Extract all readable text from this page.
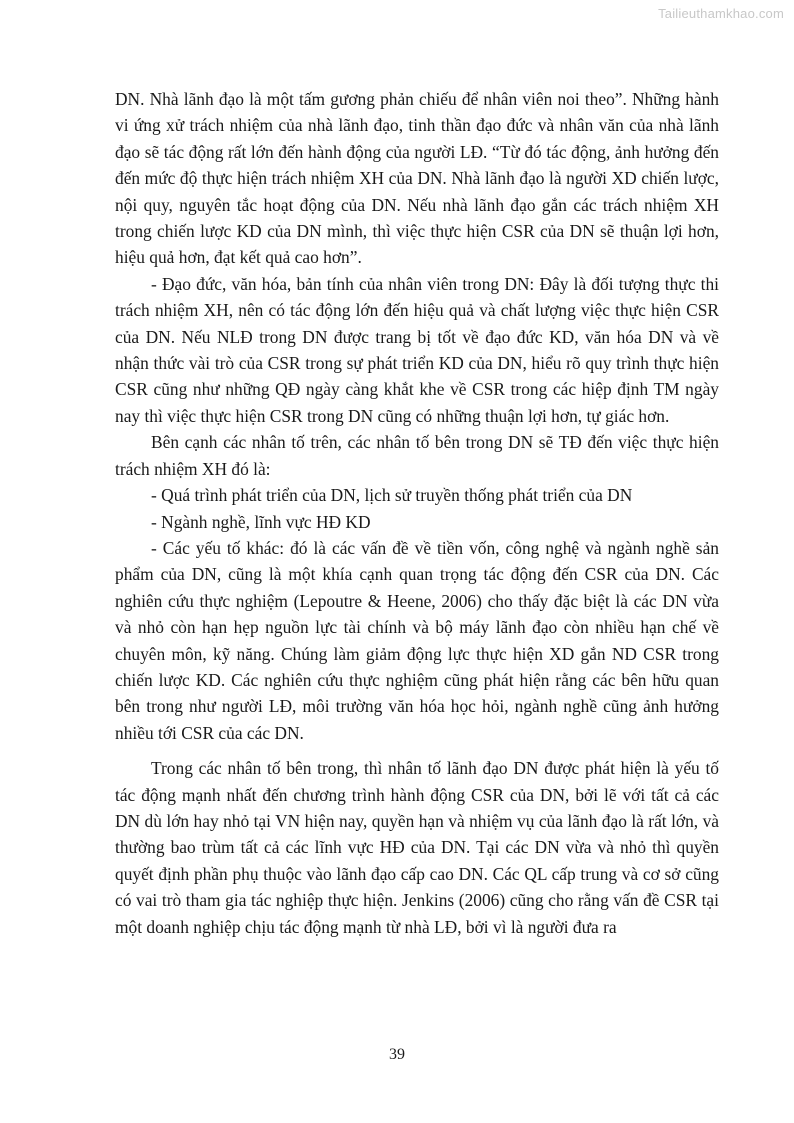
Tailieuthamkhao.com

DN. Nhà lãnh đạo là một tấm gương phản chiếu để nhân viên noi theo”. Những hành vi ứng xử trách nhiệm của nhà lãnh đạo, tinh thần đạo đức và nhân văn của nhà lãnh đạo sẽ tác động rất lớn đến hành động của người LĐ. “Từ đó tác động, ảnh hưởng đến đến mức độ thực hiện trách nhiệm XH của DN. Nhà lãnh đạo là người XD chiến lược, nội quy, nguyên tắc hoạt động của DN. Nếu nhà lãnh đạo gắn các trách nhiệm XH trong chiến lược KD của DN mình, thì việc thực hiện CSR của DN sẽ thuận lợi hơn, hiệu quả hơn, đạt kết quả cao hơn”.

- Đạo đức, văn hóa, bản tính của nhân viên trong DN: Đây là đối tượng thực thi trách nhiệm XH, nên có tác động lớn đến hiệu quả và chất lượng việc thực hiện CSR của DN. Nếu NLĐ trong DN được trang bị tốt về đạo đức KD, văn hóa DN và về nhận thức vài trò của CSR trong sự phát triển KD của DN, hiểu rõ quy trình thực hiện CSR cũng như những QĐ ngày càng khắt khe về CSR trong các hiệp định TM ngày nay thì việc thực hiện CSR trong DN cũng có những thuận lợi hơn, tự giác hơn.

Bên cạnh các nhân tố trên, các nhân tố bên trong DN sẽ TĐ đến việc thực hiện trách nhiệm XH đó là:

- Quá trình phát triển của DN, lịch sử truyền thống phát triển của DN

- Ngành nghề, lĩnh vực HĐ KD

- Các yếu tố khác: đó là các vấn đề về tiền vốn, công nghệ và ngành nghề sản phẩm của DN, cũng là một khía cạnh quan trọng tác động đến CSR của DN. Các nghiên cứu thực nghiệm (Lepoutre & Heene, 2006) cho thấy đặc biệt là các DN vừa và nhỏ còn hạn hẹp nguồn lực tài chính và bộ máy lãnh đạo còn nhiều hạn chế về chuyên môn, kỹ năng. Chúng làm giảm động lực thực hiện XD gắn ND CSR trong chiến lược KD. Các nghiên cứu thực nghiệm cũng phát hiện rằng các bên hữu quan bên trong như người LĐ, môi trường văn hóa học hỏi, ngành nghề cũng ảnh hưởng nhiều tới CSR của các DN.

Trong các nhân tố bên trong, thì nhân tố lãnh đạo DN được phát hiện là yếu tố tác động mạnh nhất đến chương trình hành động CSR của DN, bởi lẽ với tất cả các DN dù lớn hay nhỏ tại VN hiện nay, quyền hạn và nhiệm vụ của lãnh đạo là rất lớn, và thường bao trùm tất cả các lĩnh vực HĐ của DN. Tại các DN vừa và nhỏ thì quyền quyết định phần phụ thuộc vào lãnh đạo cấp cao DN. Các QL cấp trung và cơ sở cũng có vai trò tham gia tác nghiệp thực hiện. Jenkins (2006) cũng cho rằng vấn đề CSR tại một doanh nghiệp chịu tác động mạnh từ nhà LĐ, bởi vì là người đưa ra

39
